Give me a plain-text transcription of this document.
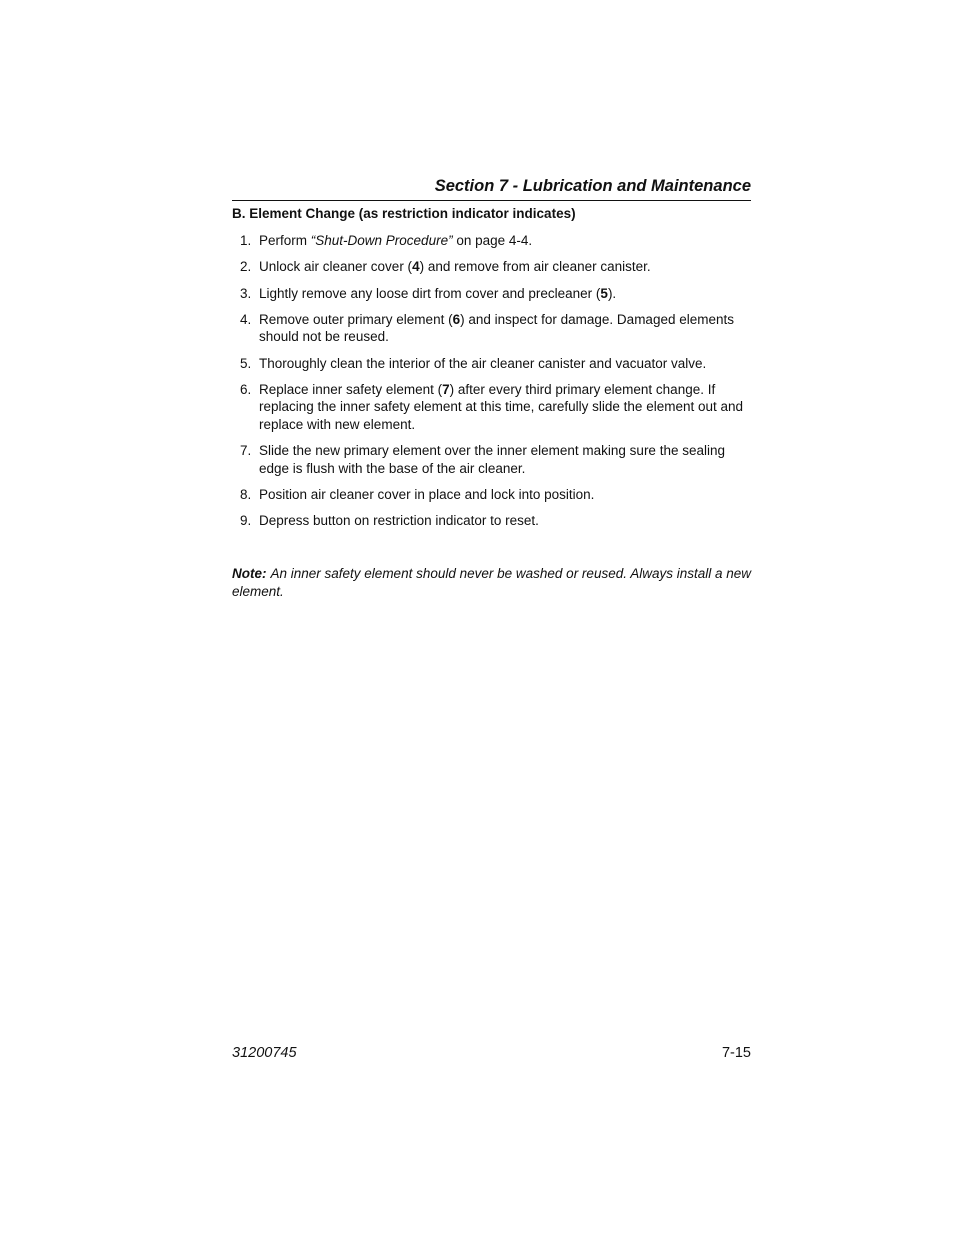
Section 7 - Lubrication and Maintenance
B. Element Change (as restriction indicator indicates)
1. Perform “Shut-Down Procedure” on page 4-4.
2. Unlock air cleaner cover (4) and remove from air cleaner canister.
3. Lightly remove any loose dirt from cover and precleaner (5).
4. Remove outer primary element (6) and inspect for damage. Damaged elements should not be reused.
5. Thoroughly clean the interior of the air cleaner canister and vacuator valve.
6. Replace inner safety element (7) after every third primary element change. If replacing the inner safety element at this time, carefully slide the element out and replace with new element.
7. Slide the new primary element over the inner element making sure the sealing edge is flush with the base of the air cleaner.
8. Position air cleaner cover in place and lock into position.
9. Depress button on restriction indicator to reset.
Note: An inner safety element should never be washed or reused. Always install a new element.
31200745	7-15
